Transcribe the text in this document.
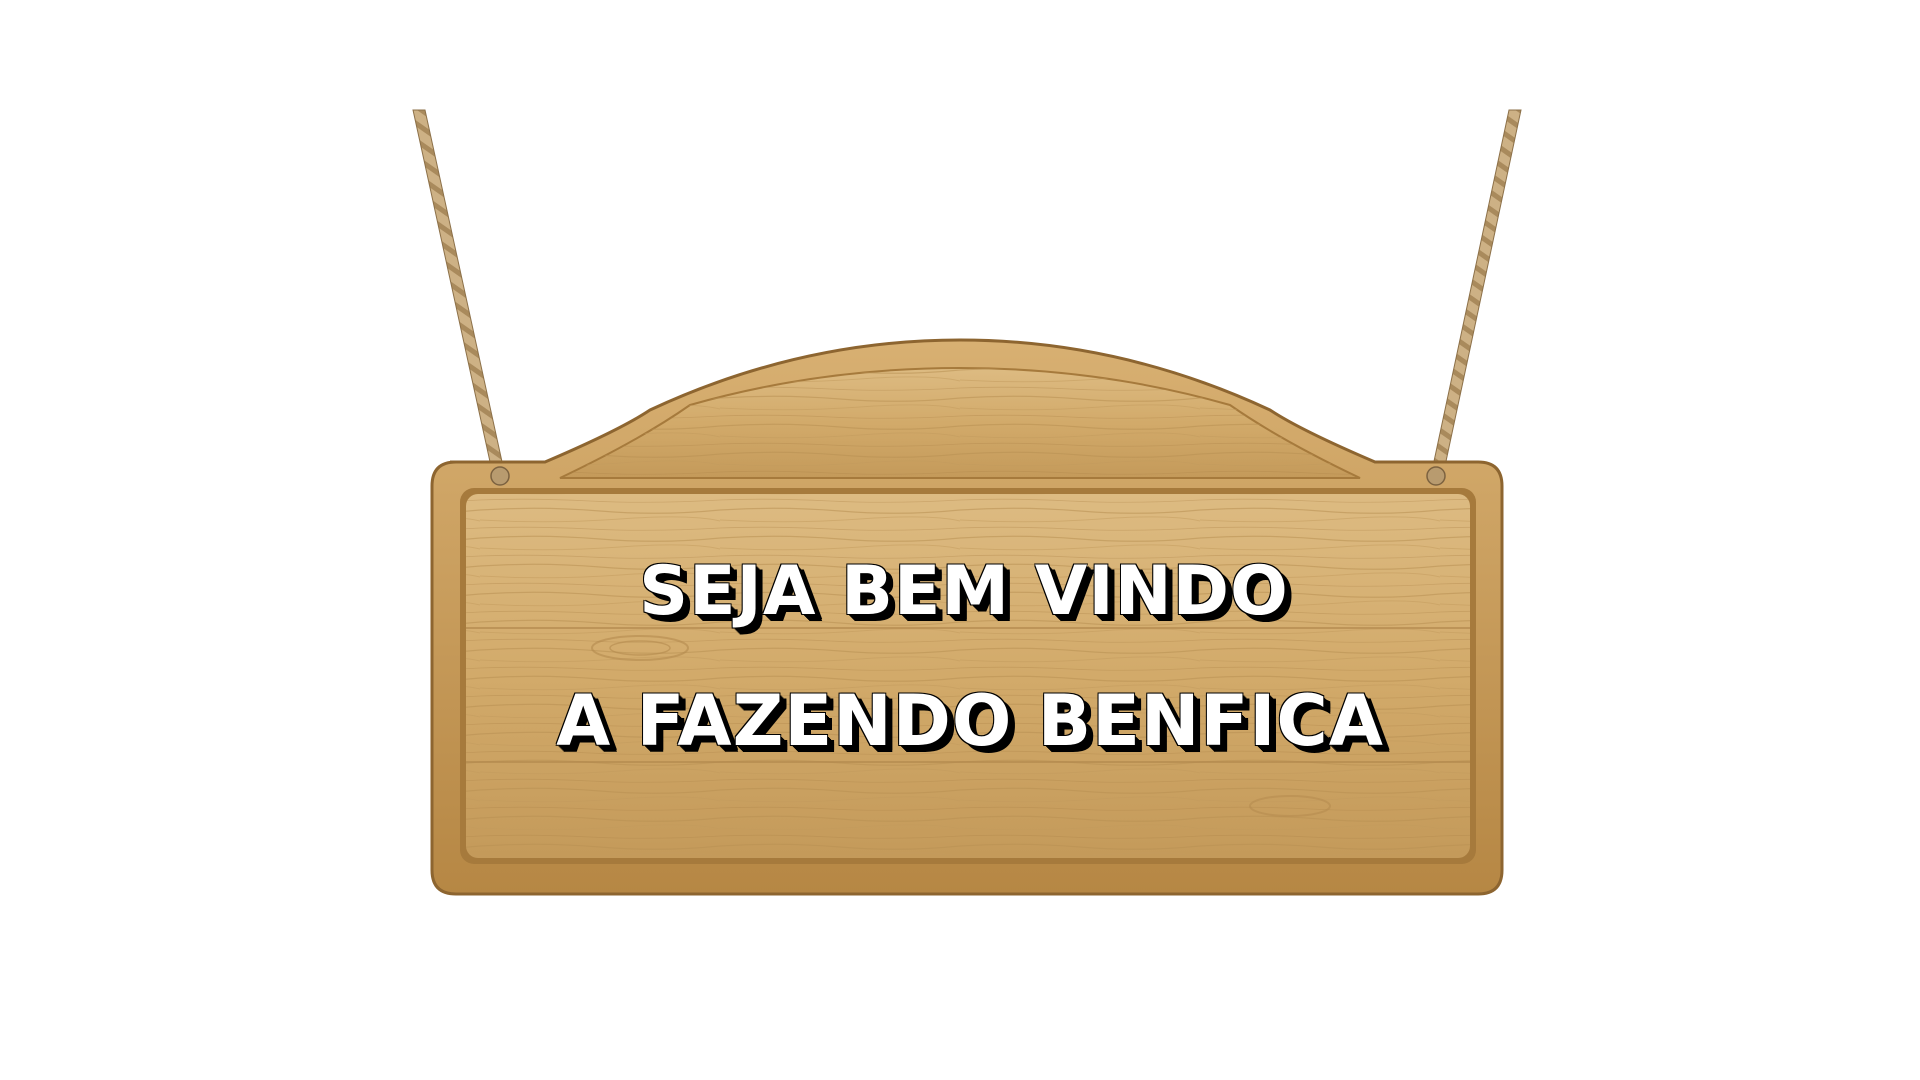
SEJA BEM VINDO
A FAZENDO BENFICA
